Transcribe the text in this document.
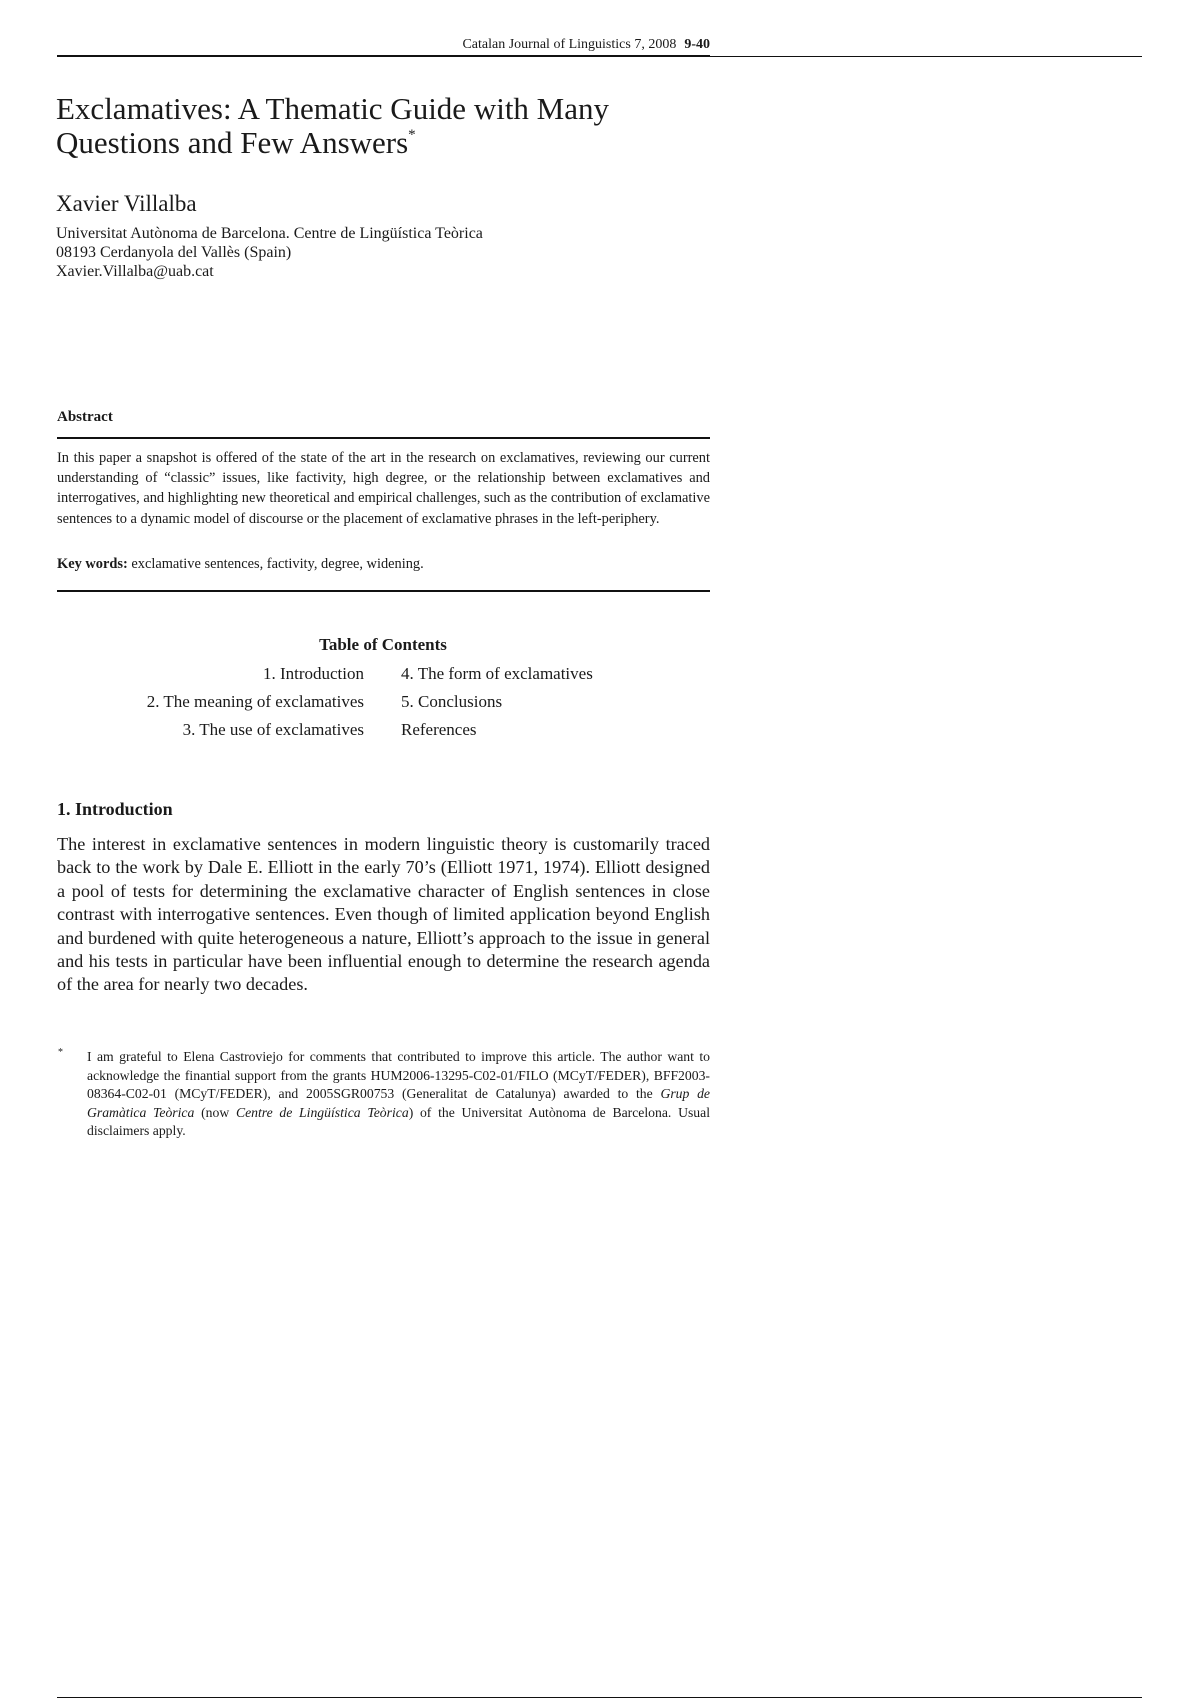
Catalan Journal of Linguistics 7, 2008 9-40
Exclamatives: A Thematic Guide with Many
Questions and Few Answers*
Xavier Villalba
Universitat Autònoma de Barcelona. Centre de Lingüística Teòrica
08193 Cerdanyola del Vallès (Spain)
Xavier.Villalba@uab.cat
Abstract

In this paper a snapshot is offered of the state of the art in the research on exclamatives, reviewing our current understanding of “classic” issues, like factivity, high degree, or the relationship between exclamatives and interrogatives, and highlighting new theoretical and empirical challenges, such as the contribution of exclamative sentences to a dynamic model of discourse or the placement of exclamative phrases in the left-periphery.

Key words: exclamative sentences, factivity, degree, widening.
Table of Contents
1. Introduction
2. The meaning of exclamatives
3. The use of exclamatives
4. The form of exclamatives
5. Conclusions
References
1. Introduction

The interest in exclamative sentences in modern linguistic theory is customarily traced back to the work by Dale E. Elliott in the early 70’s (Elliott 1971, 1974). Elliott designed a pool of tests for determining the exclamative character of English sentences in close contrast with interrogative sentences. Even though of limited application beyond English and burdened with quite heterogeneous a nature, Elliott’s approach to the issue in general and his tests in particular have been influential enough to determine the research agenda of the area for nearly two decades.

* I am grateful to Elena Castroviejo for comments that contributed to improve this article. The author want to acknowledge the finantial support from the grants HUM2006-13295-C02-01/FILO (MCyT/FEDER), BFF2003-08364-C02-01 (MCyT/FEDER), and 2005SGR00753 (Generalitat de Catalunya) awarded to the Grup de Gramàtica Teòrica (now Centre de Lingüística Teòrica) of the Universitat Autònoma de Barcelona. Usual disclaimers apply.
